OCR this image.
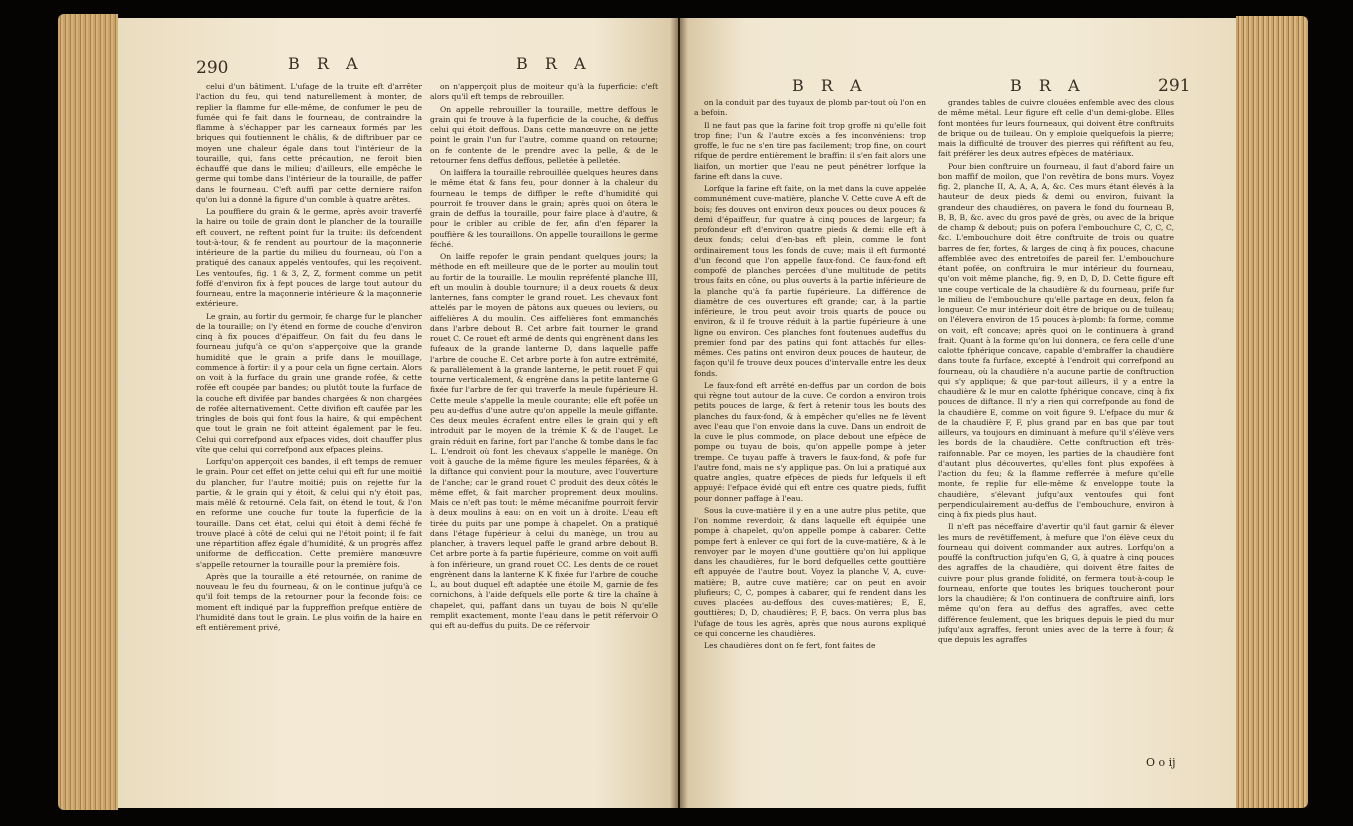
290	B R A	B R A

celui d'un bâtiment. L'ufage de la truite eft d'arrêter l'action du feu, qui tend naturellement à monter, de replier la flamme fur elle-même, de confumer le peu de fumée qui fe fait dans le fourneau, de contraindre la flamme à s'échapper par les carneaux formés par les briques qui foutiennent le châlis, & de diftribuer par ce moyen une chaleur égale dans tout l'intérieur de la touraille, qui, fans cette précaution, ne feroit bien échauffé que dans le milieu; d'ailleurs, elle empêche le germe qui tombe dans l'intérieur de la touraille, de paffer dans le fourneau. C'eft auffi par cette derniere raifon qu'on lui a donné la figure d'un comble à quatre arêtes.

La pouffiere du grain & le germe, après avoir traverfé la haire ou toile de grain dont le plancher de la touraille eft couvert, ne reftent point fur la truite: ils defcendent tout-à-tour, & fe rendent au pourtour de la maçonnerie intérieure de la partie du milieu du fourneau, où l'on a pratiqué des canaux appelés ventoufes, qui les reçoivent. Les ventoufes, fig. 1 & 3, Z, Z, forment comme un petit foffé d'environ fix à fept pouces de large tout autour du fourneau, entre la maçonnerie intérieure & la maçonnerie extérieure.

Le grain, au fortir du germoir, fe charge fur le plancher de la touraille; on l'y étend en forme de couche d'environ cinq à fix pouces d'épaiffeur. On fait du feu dans le fourneau jufqu'à ce qu'on s'apperçoive que la grande humidité que le grain a prife dans le mouillage, commence à fortir: il y a pour cela un figne certain. Alors on voit à la furface du grain une grande rofée, & cette rofée eft coupée par bandes; ou plutôt toute la furface de la couche eft divifée par bandes chargées & non chargées de rofée alternativement. Cette divifion eft caufée par les tringles de bois qui font fous la haire, & qui empêchent que tout le grain ne foit atteint également par le feu. Celui qui correfpond aux efpaces vides, doit chauffer plus vîte que celui qui correfpond aux efpaces pleins.

Lorfqu'on apperçoit ces bandes, il eft temps de remuer le grain. Pour cet effet on jette celui qui eft fur une moitié du plancher, fur l'autre moitié; puis on rejette fur la partie, & le grain qui y étoit, & celui qui n'y étoit pas, mais mêlé & retourné. Cela fait, on étend le tout, & l'on en reforme une couche fur toute la fuperficie de la touraille. Dans cet état, celui qui étoit à demi féché fe trouve placé à côté de celui qui ne l'étoit point; il fe fait une répartition affez égale d'humidité, & un progrès affez uniforme de defficcation. Cette première manœuvre s'appelle retourner la touraille pour la première fois.

Après que la touraille a été retournée, on ranime de nouveau le feu du fourneau, & on le continue jufqu'à ce qu'il foit temps de la retourner pour la feconde fois: ce moment eft indiqué par la fuppreffion prefque entière de l'humidité dans tout le grain. Le plus voifin de la haire en eft entièrement privé,

on n'apperçoit plus de moiteur qu'à la fuperficie: c'eft alors qu'il eft temps de rebrouiller.

On appelle rebrouiller la touraille, mettre deffous le grain qui fe trouve à la fuperficie de la couche, & deffus celui qui étoit deffous. Dans cette manœuvre on ne jette point le grain l'un fur l'autre, comme quand on retourne; on fe contente de le prendre avec la pelle, & de le retourner fens deffus deffous, pelletée à pelletée.

On laiffera la touraille rebrouillée quelques heures dans le même état & fans feu, pour donner à la chaleur du fourneau le temps de diffiper le refte d'humidité qui pourroit fe trouver dans le grain; après quoi on ôtera le grain de deffus la touraille, pour faire place à d'autre, & pour le cribler au crible de fer, afin d'en féparer la pouffière & les touraillons. On appelle touraillons le germe féché.

On laiffe repofer le grain pendant quelques jours; la méthode en eft meilleure que de le porter au moulin tout au fortir de la touraille. Le moulin repréfenté planche III, eft un moulin à double tournure; il a deux rouets & deux lanternes, fans compter le grand rouet. Les chevaux font attelés par le moyen de pâtons aux queues ou leviers, ou aiffelières A du moulin. Ces aiffelières font emmanchés dans l'arbre debout B. Cet arbre fait tourner le grand rouet C. Ce rouet eft armé de dents qui engrènent dans les fufeaux de la grande lanterne D, dans laquelle paffe l'arbre de couche E. Cet arbre porte à fon autre extrémité, & parallèlement à la grande lanterne, le petit rouet F qui tourne verticalement, & engrène dans la petite lanterne G fixée fur l'arbre de fer qui traverfe la meule fupérieure H. Cette meule s'appelle la meule courante; elle eft pofée un peu au-deffus d'une autre qu'on appelle la meule giffante. Ces deux meules écrafent entre elles le grain qui y eft introduit par le moyen de la trémie K & de l'auget. Le grain réduit en farine, fort par l'anche & tombe dans le fac L. L'endroit où font les chevaux s'appelle le manège. On voit à gauche de la même figure les meules féparées, & à la diftance qui convient pour la mouture, avec l'ouverture de l'anche; car le grand rouet C produit des deux côtés le même effet, & fait marcher proprement deux moulins. Mais ce n'eft pas tout: le même mécanifme pourroit fervir à deux moulins à eau: on en voit un à droite. L'eau eft tirée du puits par une pompe à chapelet. On a pratiqué dans l'étage fupérieur à celui du manège, un trou au plancher, à travers lequel paffe le grand arbre debout B. Cet arbre porte à fa partie fupérieure, comme on voit auffi à fon inférieure, un grand rouet CC. Les dents de ce rouet engrènent dans la lanterne K K fixée fur l'arbre de couche L, au bout duquel eft adaptée une étoile M, garnie de fes cornichons, à l'aide defquels elle porte & tire la chaîne à chapelet, qui, paffant dans un tuyau de bois N qu'elle remplit exactement, monte l'eau dans le petit réfervoir O qui eft au-deffus du puits. De ce réfervoir

B R A	B R A	291

on la conduit par des tuyaux de plomb par-tout où l'on en a befoin.

Il ne faut pas que la farine foit trop groffe ni qu'elle foit trop fine; l'un & l'autre excès a fes inconvéniens: trop groffe, le fuc ne s'en tire pas facilement; trop fine, on court rifque de perdre entièrement le braffin: il s'en fait alors une liaifon, un mortier que l'eau ne peut pénétrer lorfque la farine eft dans la cuve.

Lorfque la farine eft faite, on la met dans la cuve appelée communément cuve-matière, planche V. Cette cuve A eft de bois; fes douves ont environ deux pouces ou deux pouces & demi d'épaiffeur, fur quatre à cinq pouces de largeur; fa profondeur eft d'environ quatre pieds & demi: elle eft à deux fonds; celui d'en-bas eft plein, comme le font ordinairement tous les fonds de cuve; mais il eft furmonté d'un fecond que l'on appelle faux-fond. Ce faux-fond eft compofé de planches percées d'une multitude de petits trous faits en cône, ou plus ouverts à la partie inférieure de la planche qu'à fa partie fupérieure. La différence de diamètre de ces ouvertures eft grande; car, à la partie inférieure, le trou peut avoir trois quarts de pouce ou environ, & il fe trouve réduit à la partie fupérieure à une ligne ou environ. Ces planches font foutenues audeffus du premier fond par des patins qui font attachés fur elles-mêmes. Ces patins ont environ deux pouces de hauteur, de façon qu'il fe trouve deux pouces d'intervalle entre les deux fonds.

Le faux-fond eft arrêté en-deffus par un cordon de bois qui règne tout autour de la cuve. Ce cordon a environ trois petits pouces de large, & fert à retenir tous les bouts des planches du faux-fond, & à empêcher qu'elles ne fe lèvent avec l'eau que l'on envoie dans la cuve. Dans un endroit de la cuve le plus commode, on place debout une efpèce de pompe ou tuyau de bois, qu'on appelle pompe à jeter trempe. Ce tuyau paffe à travers le faux-fond, & pofe fur l'autre fond, mais ne s'y applique pas. On lui a pratiqué aux quatre angles, quatre efpèces de pieds fur lefquels il eft appuyé: l'efpace évidé qui eft entre ces quatre pieds, fuffit pour donner paffage à l'eau.

Sous la cuve-matière il y en a une autre plus petite, que l'on nomme reverdoir, & dans laquelle eft équipée une pompe à chapelet, qu'on appelle pompe à cabarer. Cette pompe fert à enlever ce qui fort de la cuve-matière, & à le renvoyer par le moyen d'une gouttière qu'on lui applique dans les chaudières, fur le bord defquelles cette gouttière eft appuyée de l'autre bout. Voyez la planche V, A, cuve-matière; B, autre cuve matière; car on peut en avoir plufieurs; C, C, pompes à cabarer, qui fe rendent dans les cuves placées au-deffous des cuves-matières; E, E, gouttières; D, D, chaudières; F, F, bacs. On verra plus bas l'ufage de tous les agrès, après que nous aurons expliqué ce qui concerne les chaudières.

Les chaudières dont on fe fert, font faites de

grandes tables de cuivre clouées enfemble avec des clous de même métal. Leur figure eft celle d'un demi-globe. Elles font montées fur leurs fourneaux, qui doivent être conftruits de brique ou de tuileau. On y emploie quelquefois la pierre; mais la difficulté de trouver des pierres qui réfiftent au feu, fait préférer les deux autres efpèces de matériaux.

Pour bien conftruire un fourneau, il faut d'abord faire un bon maffif de moilon, que l'on revêtira de bons murs. Voyez fig. 2, planche II, A, A, A, A, &c. Ces murs étant élevés à la hauteur de deux pieds & demi ou environ, fuivant la grandeur des chaudières, on pavera le fond du fourneau B, B, B, B, &c. avec du gros pavé de grès, ou avec de la brique de champ & debout; puis on pofera l'embouchure C, C, C, C, &c. L'embouchure doit être conftruite de trois ou quatre barres de fer, fortes, & larges de cinq à fix pouces, chacune affemblée avec des entretoifes de pareil fer. L'embouchure étant pofée, on conftruira le mur intérieur du fourneau, qu'on voit même planche, fig. 9, en D, D, D. Cette figure eft une coupe verticale de la chaudière & du fourneau, prife fur le milieu de l'embouchure qu'elle partage en deux, felon fa longueur. Ce mur intérieur doit être de brique ou de tuileau; on l'élevera environ de 15 pouces à-plomb: fa forme, comme on voit, eft concave; après quoi on le continuera à grand frait. Quant à la forme qu'on lui donnera, ce fera celle d'une calotte fphérique concave, capable d'embraffer la chaudière dans toute fa furface, excepté à l'endroit qui correfpond au fourneau, où la chaudière n'a aucune partie de conftruction qui s'y applique; & que par-tout ailleurs, il y a entre la chaudière & le mur en calotte fphérique concave, cinq à fix pouces de diftance. Il n'y a rien qui correfponde au fond de la chaudière E, comme on voit figure 9. L'efpace du mur & de la chaudière F, F, plus grand par en bas que par tout ailleurs, va toujours en diminuant à mefure qu'il s'élève vers les bords de la chaudière. Cette conftruction eft très-raifonnable. Par ce moyen, les parties de la chaudière font d'autant plus découvertes, qu'elles font plus expofées à l'action du feu; & la flamme refferrée à mefure qu'elle monte, fe replie fur elle-même & enveloppe toute la chaudière, s'élevant jufqu'aux ventoufes qui font perpendiculairement au-deffus de l'embouchure, environ à cinq à fix pieds plus haut.

Il n'eft pas néceffaire d'avertir qu'il faut garnir & élever les murs de revêtiffement, à mefure que l'on élève ceux du fourneau qui doivent commander aux autres. Lorfqu'on a pouffé la conftruction jufqu'en G, G, à quatre à cinq pouces des agraffes de la chaudière, qui doivent être faites de cuivre pour plus grande folidité, on fermera tout-à-coup le fourneau, enforte que toutes les briques toucheront pour lors la chaudière; & l'on continuera de conftruire ainfi, lors même qu'on fera au deffus des agraffes, avec cette différence feulement, que les briques depuis le pied du mur jufqu'aux agraffes, feront unies avec de la terre à four; & que depuis les agraffes

O o ij
